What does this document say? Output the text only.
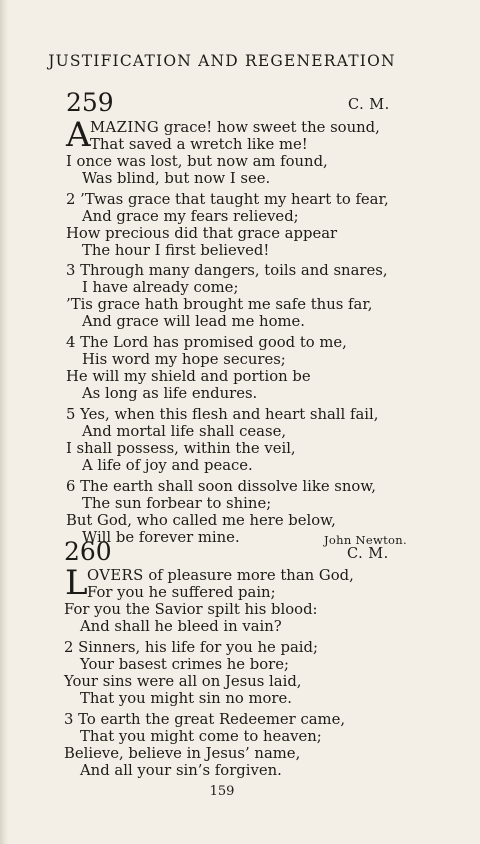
JUSTIFICATION AND REGENERATION
259	C. M.
A MAZING grace! how sweet the sound,
That saved a wretch like me!
I once was lost, but now am found,
Was blind, but now I see.
2 ’Twas grace that taught my heart to fear,
And grace my fears relieved;
How precious did that grace appear
The hour I first believed!
3 Through many dangers, toils and snares,
I have already come;
’Tis grace hath brought me safe thus far,
And grace will lead me home.
4 The Lord has promised good to me,
His word my hope secures;
He will my shield and portion be
As long as life endures.
5 Yes, when this flesh and heart shall fail,
And mortal life shall cease,
I shall possess, within the veil,
A life of joy and peace.
6 The earth shall soon dissolve like snow,
The sun forbear to shine;
But God, who called me here below,
Will be forever mine.	John Newton.
260	C. M.
L OVERS of pleasure more than God,
For you he suffered pain;
For you the Savior spilt his blood:
And shall he bleed in vain?
2 Sinners, his life for you he paid;
Your basest crimes he bore;
Your sins were all on Jesus laid,
That you might sin no more.
3 To earth the great Redeemer came,
That you might come to heaven;
Believe, believe in Jesus’ name,
And all your sin’s forgiven.
159
